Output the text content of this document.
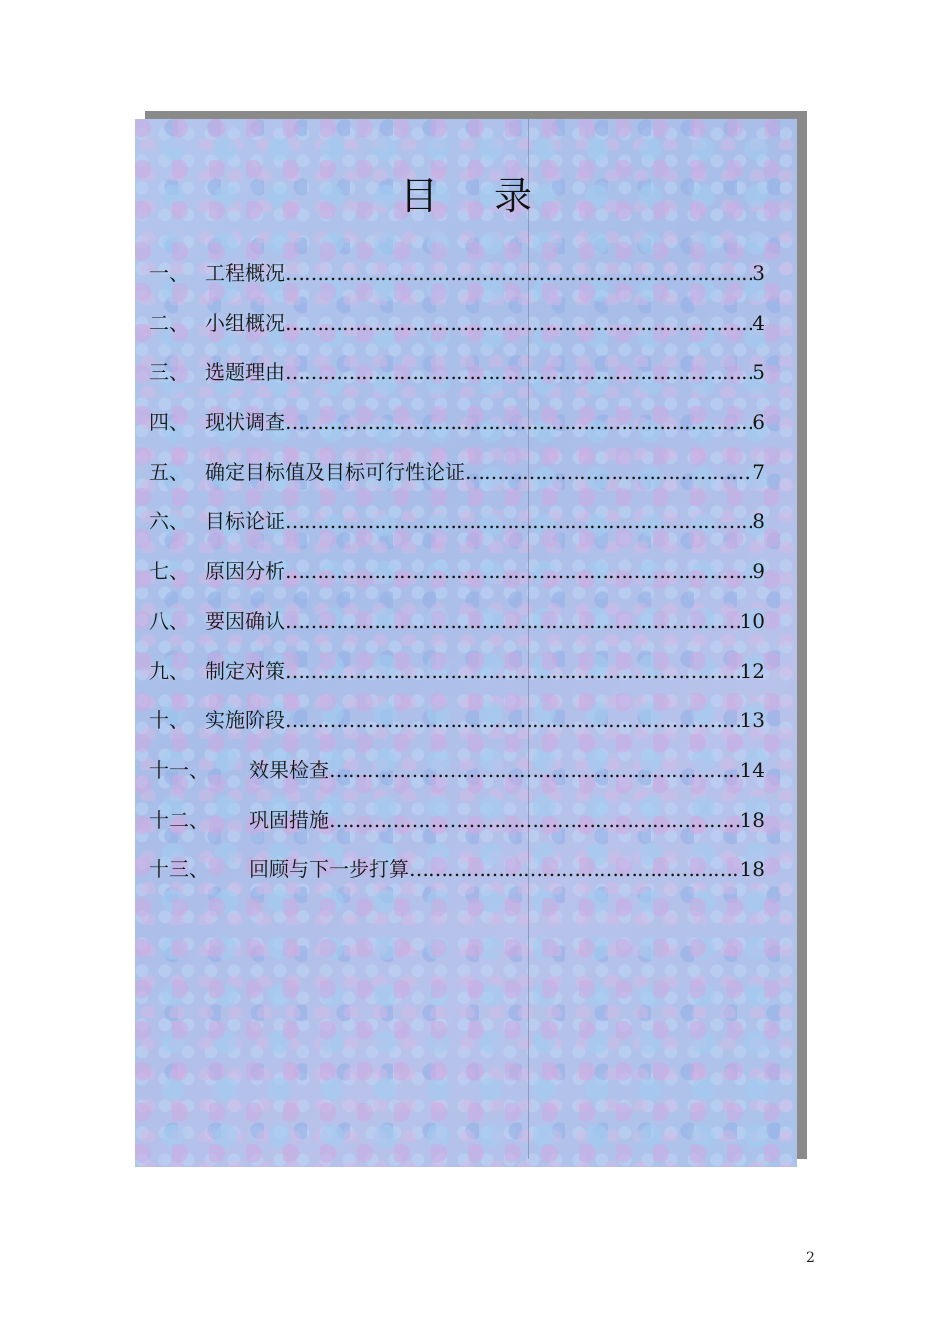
目 录
一、 工程概况 ……………………………………………………………………………………………………………………………………………	3
二、 小组概况 ……………………………………………………………………………………………………………………………………………	4
三、 选题理由 ……………………………………………………………………………………………………………………………………………	5
四、 现状调查 ……………………………………………………………………………………………………………………………………………	6
五、 确定目标值及目标可行性论证 ……………………………………………………………………………………………………………………………………………	7
六、 目标论证 ……………………………………………………………………………………………………………………………………………	8
七、 原因分析 ……………………………………………………………………………………………………………………………………………	9
八、 要因确认 ……………………………………………………………………………………………………………………………………………	10
九、 制定对策 ……………………………………………………………………………………………………………………………………………	12
十、 实施阶段 ……………………………………………………………………………………………………………………………………………	13
十一、	效果检查 ……………………………………………………………………………………………………………………………………………	14
十二、	巩固措施 ……………………………………………………………………………………………………………………………………………	18
十三、	回顾与下一步打算 ……………………………………………………………………………………………………………………………………………	18
2
